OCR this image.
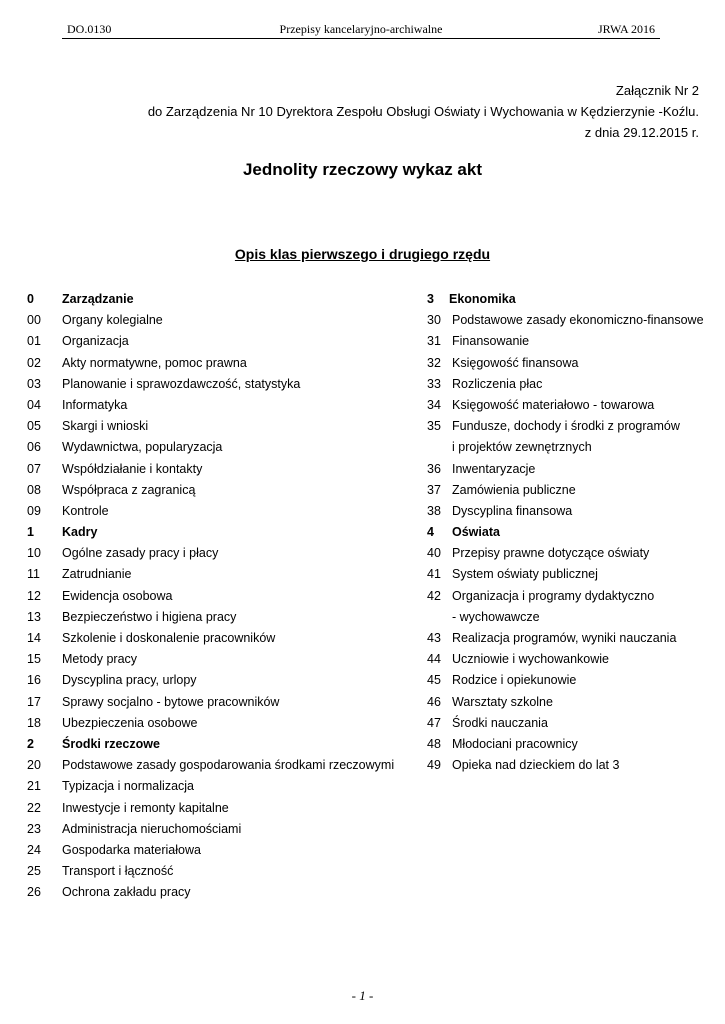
Przepisy kancelaryjno-archiwalne
DO.0130	JRWA 2016
Załącznik Nr 2
do Zarządzenia Nr 10 Dyrektora Zespołu Obsługi Oświaty i Wychowania w Kędzierzynie -Koźlu.
z dnia 29.12.2015 r.
Jednolity rzeczowy wykaz akt
Opis klas pierwszego i drugiego rzędu
0 Zarządzanie
00 Organy kolegialne
01 Organizacja
02 Akty normatywne, pomoc prawna
03 Planowanie i sprawozdawczość, statystyka
04 Informatyka
05 Skargi i wnioski
06 Wydawnictwa, popularyzacja
07 Współdziałanie i kontakty
08 Współpraca z zagranicą
09 Kontrole
1 Kadry
10 Ogólne zasady pracy i płacy
11 Zatrudnianie
12 Ewidencja osobowa
13 Bezpieczeństwo i higiena pracy
14 Szkolenie i doskonalenie pracowników
15 Metody pracy
16 Dyscyplina pracy, urlopy
17 Sprawy socjalno - bytowe pracowników
18 Ubezpieczenia osobowe
2 Środki rzeczowe
20 Podstawowe zasady gospodarowania środkami rzeczowymi
21 Typizacja i normalizacja
22 Inwestycje i remonty kapitalne
23 Administracja nieruchomościami
24 Gospodarka materiałowa
25 Transport i łączność
26 Ochrona zakładu pracy
3 Ekonomika
30 Podstawowe zasady ekonomiczno-finansowe
31 Finansowanie
32 Księgowość finansowa
33 Rozliczenia płac
34 Księgowość materiałowo - towarowa
35 Fundusze, dochody i środki z programów
i projektów zewnętrznych
36 Inwentaryzacje
37 Zamówienia publiczne
38 Dyscyplina finansowa
4 Oświata
40 Przepisy prawne dotyczące oświaty
41 System oświaty publicznej
42 Organizacja i programy dydaktyczno
- wychowawcze
43 Realizacja programów, wyniki nauczania
44 Uczniowie i wychowankowie
45 Rodzice i opiekunowie
46 Warsztaty szkolne
47 Środki nauczania
48 Młodociani pracownicy
49 Opieka nad dzieckiem do lat 3
- 1 -
